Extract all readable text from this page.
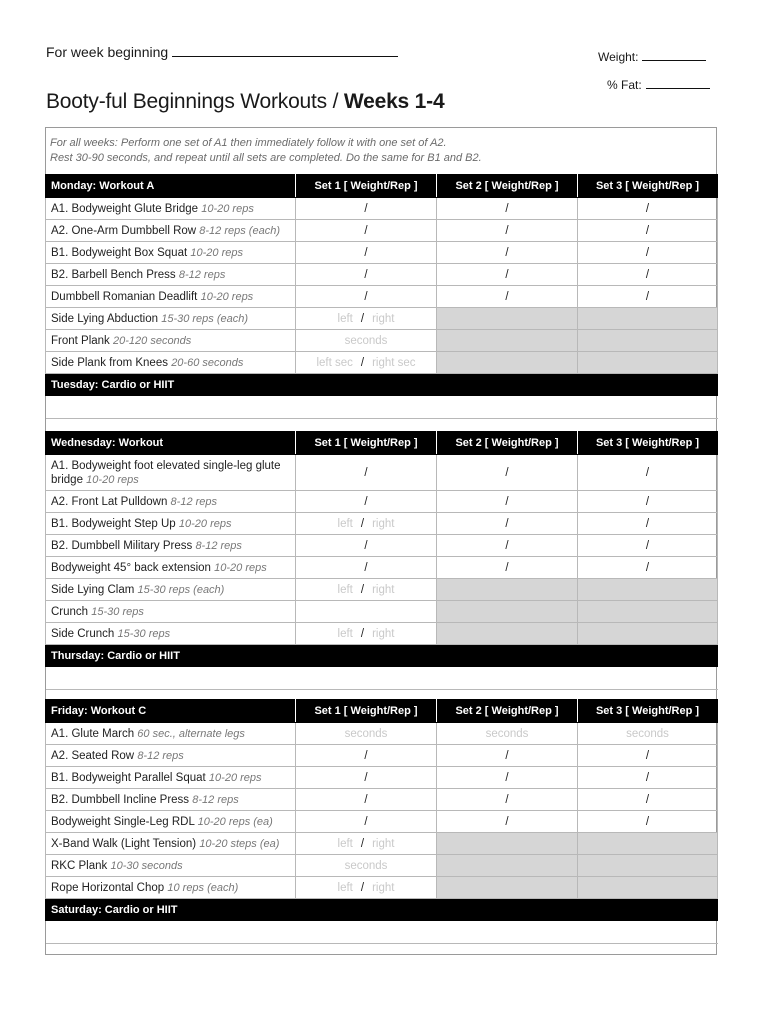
For week beginning	Weight:
% Fat:
Booty-ful Beginnings Workouts / Weeks 1-4
For all weeks: Perform one set of A1 then immediately follow it with one set of A2.
Rest 30-90 seconds, and repeat until all sets are completed. Do the same for B1 and B2.
Monday: Workout A	Set 1 [ Weight/Rep ]	Set 2 [ Weight/Rep ]	Set 3 [ Weight/Rep ]
A1. Bodyweight Glute Bridge 10-20 reps	/	/	/
A2. One-Arm Dumbbell Row 8-12 reps (each)	/	/	/
B1. Bodyweight Box Squat 10-20 reps	/	/	/
B2. Barbell Bench Press 8-12 reps	/	/	/
Dumbbell Romanian Deadlift 10-20 reps	/	/	/
Side Lying Abduction 15-30 reps (each)	left / right		
Front Plank 20-120 seconds	seconds		
Side Plank from Knees 20-60 seconds	left sec / right sec		
Tuesday: Cardio or HIIT			

Wednesday: Workout	Set 1 [ Weight/Rep ]	Set 2 [ Weight/Rep ]	Set 3 [ Weight/Rep ]
A1. Bodyweight foot elevated single-leg glute bridge 10-20 reps	/	/	/
A2. Front Lat Pulldown 8-12 reps	/	/	/
B1. Bodyweight Step Up 10-20 reps	left / right	/	/
B2. Dumbbell Military Press 8-12 reps	/	/	/
Bodyweight 45° back extension 10-20 reps	/	/	/
Side Lying Clam 15-30 reps (each)	left / right		
Crunch 15-30 reps			
Side Crunch 15-30 reps	left / right		
Thursday: Cardio or HIIT			

Friday: Workout C	Set 1 [ Weight/Rep ]	Set 2 [ Weight/Rep ]	Set 3 [ Weight/Rep ]
A1. Glute March 60 sec., alternate legs	seconds	seconds	seconds
A2. Seated Row 8-12 reps	/	/	/
B1. Bodyweight Parallel Squat 10-20 reps	/	/	/
B2. Dumbbell Incline Press 8-12 reps	/	/	/
Bodyweight Single-Leg RDL 10-20 reps (ea)	/	/	/
X-Band Walk (Light Tension) 10-20 steps (ea)	left / right		
RKC Plank 10-30 seconds	seconds		
Rope Horizontal Chop 10 reps (each)	left / right		
Saturday: Cardio or HIIT			
